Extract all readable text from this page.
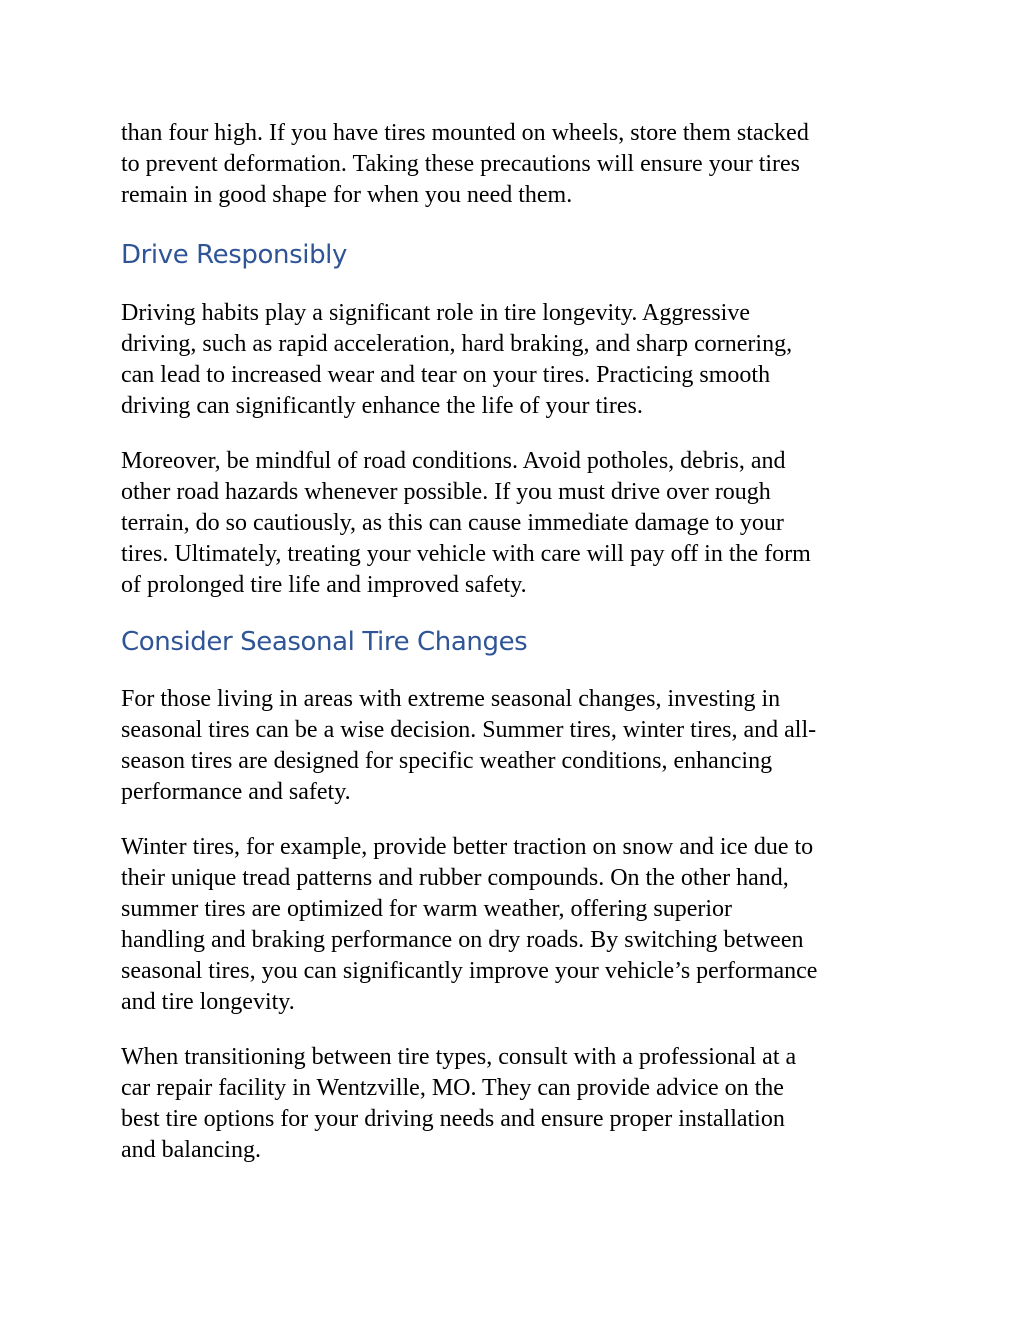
than four high. If you have tires mounted on wheels, store them stacked
to prevent deformation. Taking these precautions will ensure your tires
remain in good shape for when you need them.

Drive Responsibly

Driving habits play a significant role in tire longevity. Aggressive
driving, such as rapid acceleration, hard braking, and sharp cornering,
can lead to increased wear and tear on your tires. Practicing smooth
driving can significantly enhance the life of your tires.

Moreover, be mindful of road conditions. Avoid potholes, debris, and
other road hazards whenever possible. If you must drive over rough
terrain, do so cautiously, as this can cause immediate damage to your
tires. Ultimately, treating your vehicle with care will pay off in the form
of prolonged tire life and improved safety.

Consider Seasonal Tire Changes

For those living in areas with extreme seasonal changes, investing in
seasonal tires can be a wise decision. Summer tires, winter tires, and all-
season tires are designed for specific weather conditions, enhancing
performance and safety.

Winter tires, for example, provide better traction on snow and ice due to
their unique tread patterns and rubber compounds. On the other hand,
summer tires are optimized for warm weather, offering superior
handling and braking performance on dry roads. By switching between
seasonal tires, you can significantly improve your vehicle’s performance
and tire longevity.

When transitioning between tire types, consult with a professional at a
car repair facility in Wentzville, MO. They can provide advice on the
best tire options for your driving needs and ensure proper installation
and balancing.
